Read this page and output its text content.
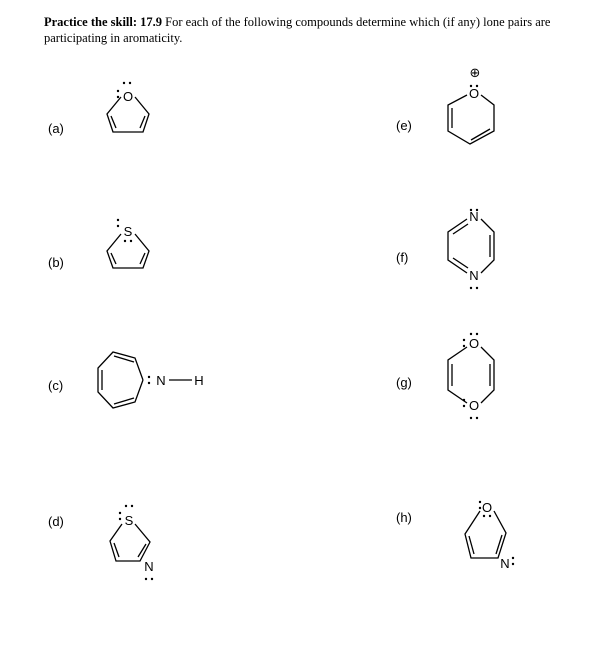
Practice the skill: 17.9 For each of the following compounds determine which (if any) lone pairs are participating in aromaticity.
(a)
(b)
(c)
(d)
(e)
(f)
(g)
(h)
O
S
N H
S
N
⊕
O
N
N
O
O
O
N
